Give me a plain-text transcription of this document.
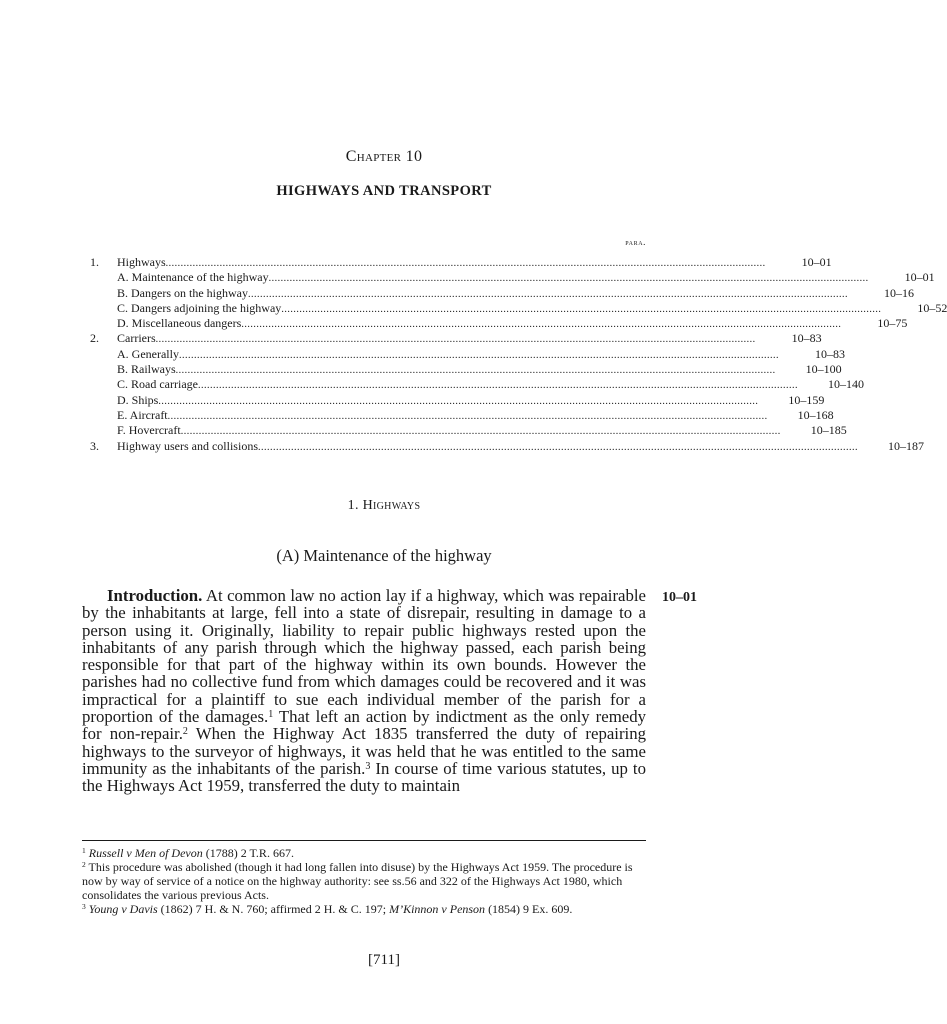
Chapter 10
HIGHWAYS AND TRANSPORT
para.
1.	Highways ........................................................................................................................................................................................................	10–01
A. Maintenance of the highway ........................................................................................................................................................................................................	10–01
B. Dangers on the highway ........................................................................................................................................................................................................	10–16
C. Dangers adjoining the highway ........................................................................................................................................................................................................	10–52
D. Miscellaneous dangers ........................................................................................................................................................................................................	10–75
2.	Carriers ........................................................................................................................................................................................................	10–83
A. Generally ........................................................................................................................................................................................................	10–83
B. Railways ........................................................................................................................................................................................................	10–100
C. Road carriage ........................................................................................................................................................................................................	10–140
D. Ships ........................................................................................................................................................................................................	10–159
E. Aircraft ........................................................................................................................................................................................................	10–168
F. Hovercraft ........................................................................................................................................................................................................	10–185
3.	Highway users and collisions ........................................................................................................................................................................................................	10–187
1. Highways
(A) Maintenance of the highway
10–01

Introduction. At common law no action lay if a highway, which was repairable by the inhabitants at large, fell into a state of disrepair, resulting in damage to a person using it. Originally, liability to repair public highways rested upon the inhabitants of any parish through which the highway passed, each parish being responsible for that part of the highway within its own bounds. However the parishes had no collective fund from which damages could be recovered and it was impractical for a plaintiff to sue each individual member of the parish for a proportion of the damages.$^1$ That left an action by indictment as the only remedy for non-repair.$^2$ When the Highway Act 1835 transferred the duty of repairing highways to the surveyor of highways, it was held that he was entitled to the same immunity as the inhabitants of the parish.$^3$ In course of time various statutes, up to the Highways Act 1959, transferred the duty to maintain

$^1$ Russell v Men of Devon (1788) 2 T.R. 667.

$^2$ This procedure was abolished (though it had long fallen into disuse) by the Highways Act 1959. The procedure is now by way of service of a notice on the highway authority: see ss.56 and 322 of the Highways Act 1980, which consolidates the various previous Acts.

$^3$ Young v Davis (1862) 7 H. & N. 760; affirmed 2 H. & C. 197; M’Kinnon v Penson (1854) 9 Ex. 609.

[711]
